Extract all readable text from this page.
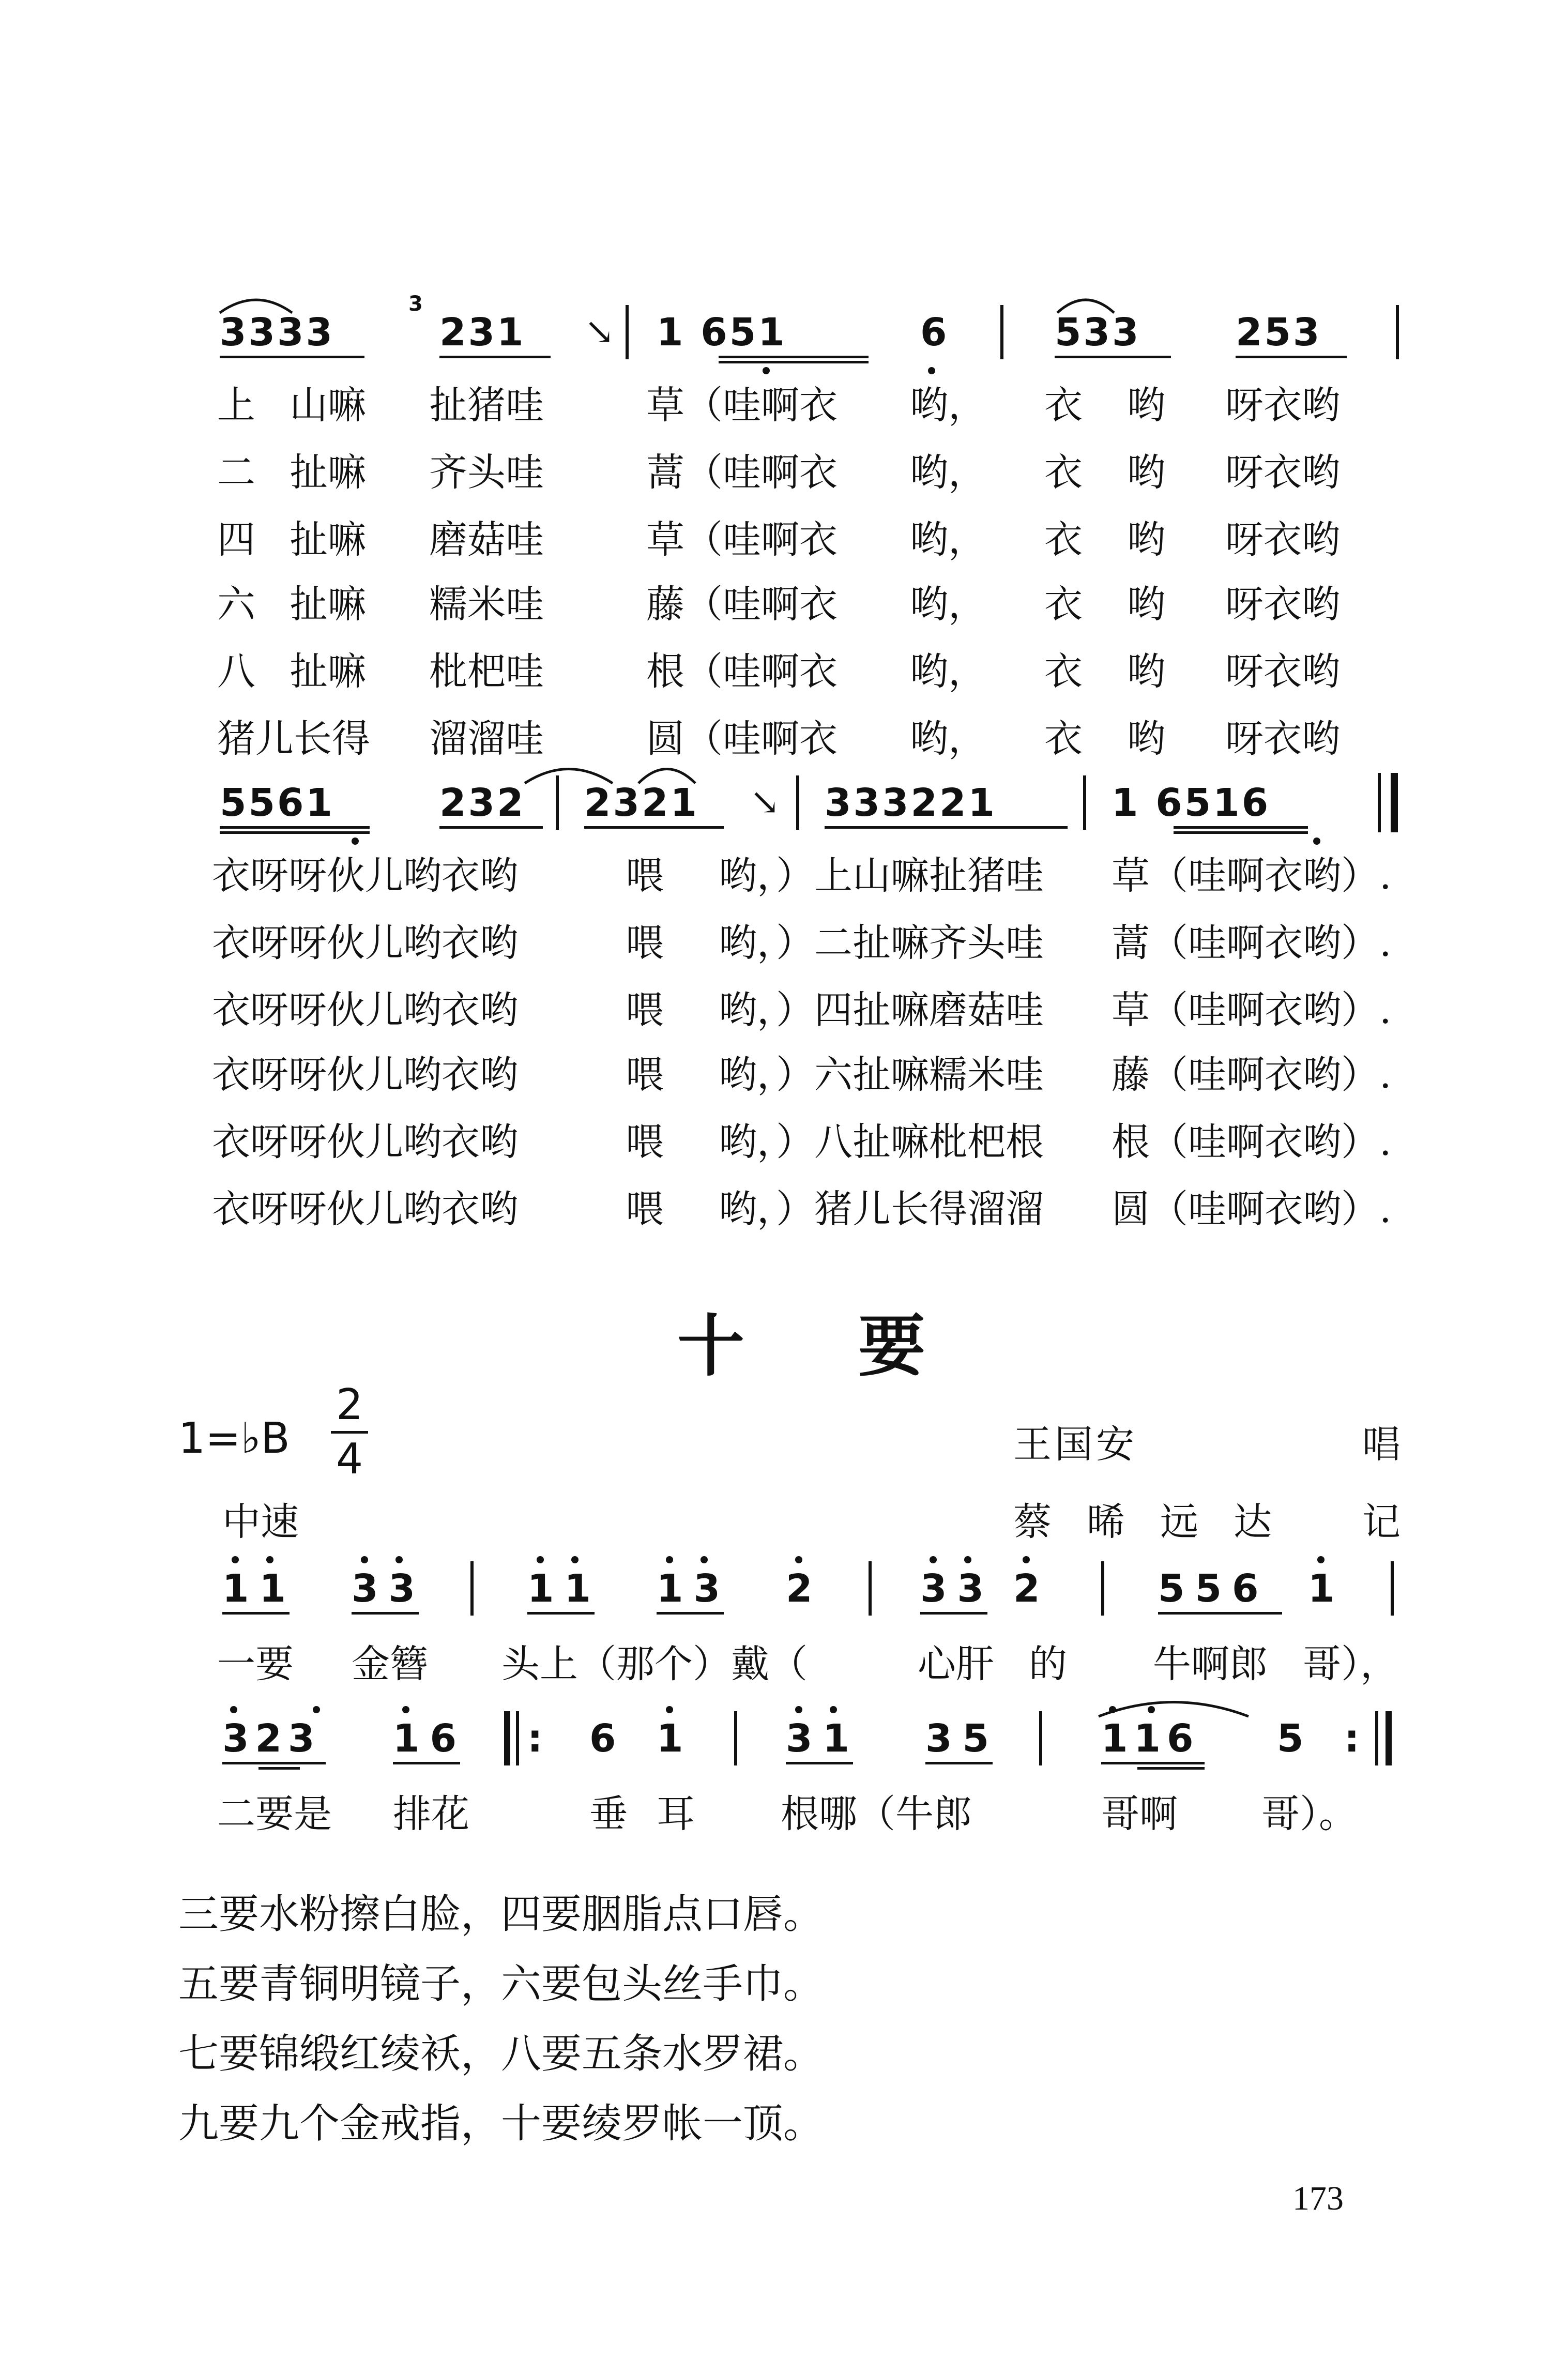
3333
3
231 ↘ 1 651	6	533 253
上 山嘛 扯猪哇	草（哇啊衣 哟， 衣 哟 呀衣哟
二 扯嘛 齐头哇	蒿（哇啊衣 哟， 衣 哟 呀衣哟
四 扯嘛 磨菇哇	草（哇啊衣 哟， 衣 哟 呀衣哟
六 扯嘛 糯米哇	藤（哇啊衣 哟， 衣 哟 呀衣哟
八 扯嘛 枇杷哇	根（哇啊衣 哟， 衣 哟 呀衣哟
猪儿长得 溜溜哇	圆（哇啊衣 哟， 衣 哟 呀衣哟
5561	232 2321 ↘ 333221	1 6516
衣呀呀伙儿哟衣哟	喂 哟，）上山嘛扯猪哇 草（哇啊衣哟）.
衣呀呀伙儿哟衣哟	喂 哟，）二扯嘛齐头哇 蒿（哇啊衣哟）.
衣呀呀伙儿哟衣哟	喂 哟，）四扯嘛磨菇哇 草（哇啊衣哟）.
衣呀呀伙儿哟衣哟	喂 哟，）六扯嘛糯米哇 藤（哇啊衣哟）.
衣呀呀伙儿哟衣哟	喂 哟，）八扯嘛枇杷根 根（哇啊衣哟）.
衣呀呀伙儿哟衣哟	喂 哟，）猪儿长得溜溜 圆（哇啊衣哟）.
十要
1=♭B
2
4
中速
王国安	唱
蔡晞远达 记
11 33	11 13 2	33 2	556 1
一要 金簪 头上（那个）戴（	心肝 的 牛啊郎 哥），
323 16 : 6 1	31 35	116 5 :
二要是 排花	垂 耳 根哪（牛郎	哥啊 哥）。
三要水粉擦白脸，四要胭脂点口唇。
五要青铜明镜子，六要包头丝手巾。
七要锦缎红绫袄，八要五条水罗裙。
九要九个金戒指，十要绫罗帐一顶。
173
